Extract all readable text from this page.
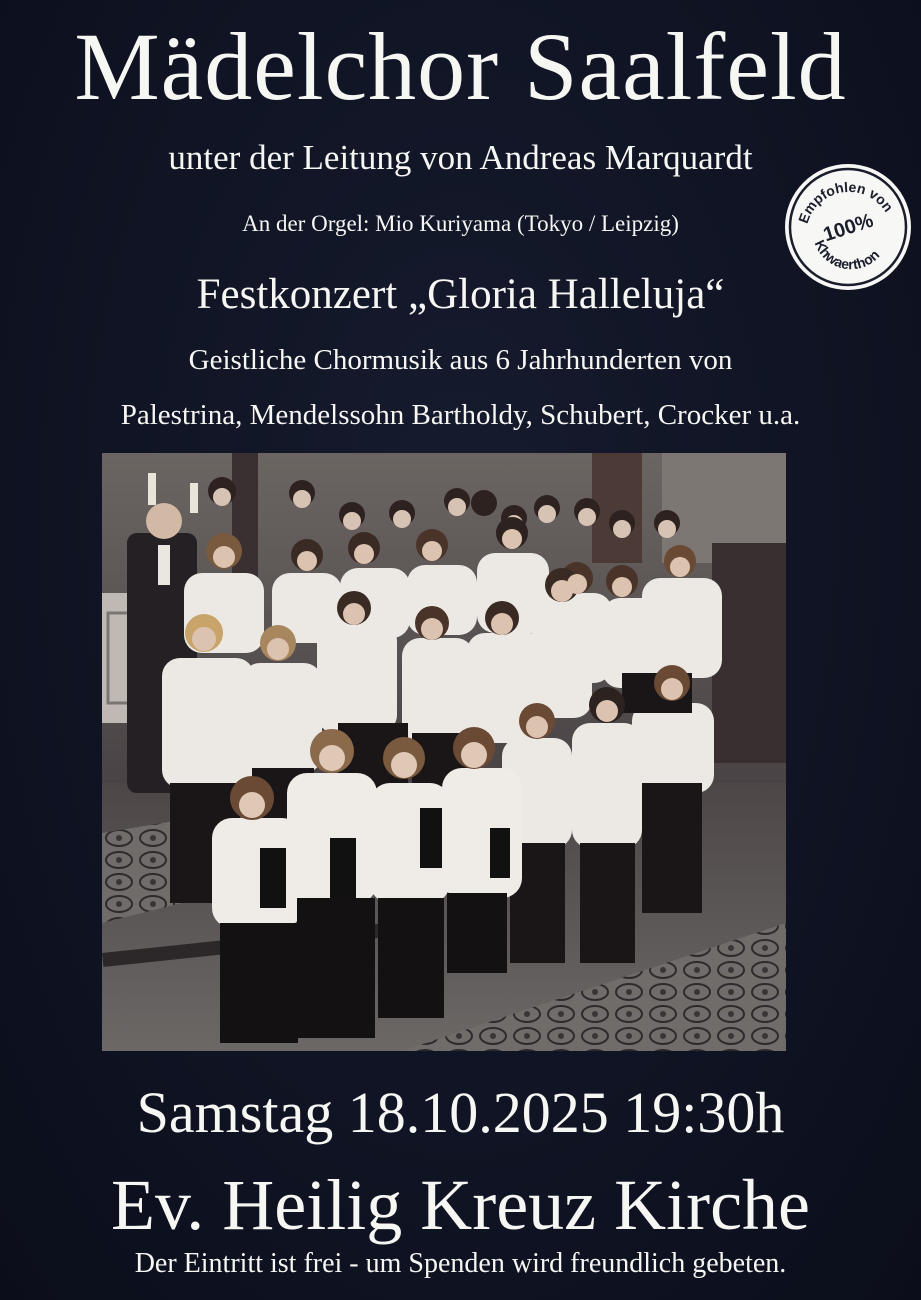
Mädelchor Saalfeld
unter der Leitung von Andreas Marquardt
An der Orgel: Mio Kuriyama (Tokyo / Leipzig)
Festkonzert „Gloria Halleluja“
Geistliche Chormusik aus 6 Jahrhunderten von
Palestrina, Mendelssohn Bartholdy, Schubert, Crocker u.a.
Empfohlen von
100%
Khwaerthon
Samstag 18.10.2025 19:30h
Ev. Heilig Kreuz Kirche
Der Eintritt ist frei - um Spenden wird freundlich gebeten.
